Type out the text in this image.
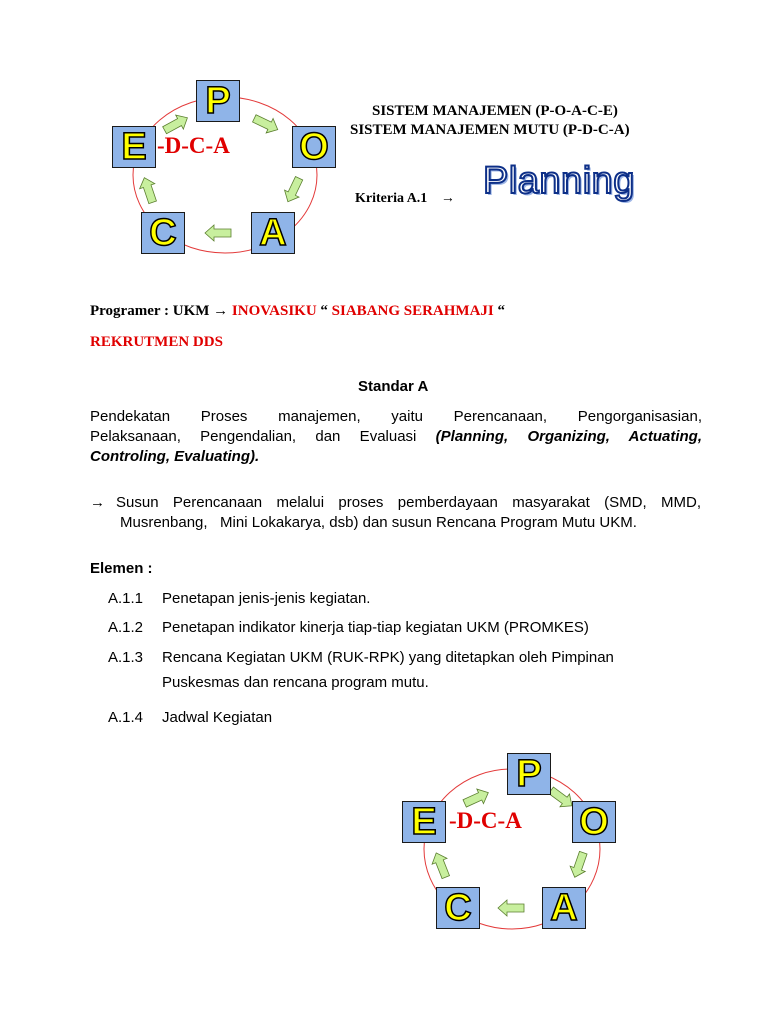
P
O
A
C
E -D-C-A
SISTEM MANAJEMEN (P-O-A-C-E)
SISTEM MANAJEMEN MUTU (P-D-C-A)
Kriteria A.1 → Planning
Programer : UKM → INOVASIKU “ SIABANG SERAHMAJI “
REKRUTMEN DDS
Standar A
Pendekatan Proses manajemen, yaitu Perencanaan, Pengorganisasian,
Pelaksanaan, Pengendalian, dan Evaluasi (Planning, Organizing, Actuating,
Controling, Evaluating).
→ Susun Perencanaan melalui proses pemberdayaan masyarakat (SMD, MMD,
Musrenbang,   Mini Lokakarya, dsb) dan susun Rencana Program Mutu UKM.
Elemen :
A.1.1 Penetapan jenis-jenis kegiatan.
A.1.2 Penetapan indikator kinerja tiap-tiap kegiatan UKM (PROMKES)
A.1.3 Rencana Kegiatan UKM (RUK-RPK) yang ditetapkan oleh Pimpinan
Puskesmas dan rencana program mutu.
A.1.4 Jadwal Kegiatan
P
O
A
C
E -D-C-A
